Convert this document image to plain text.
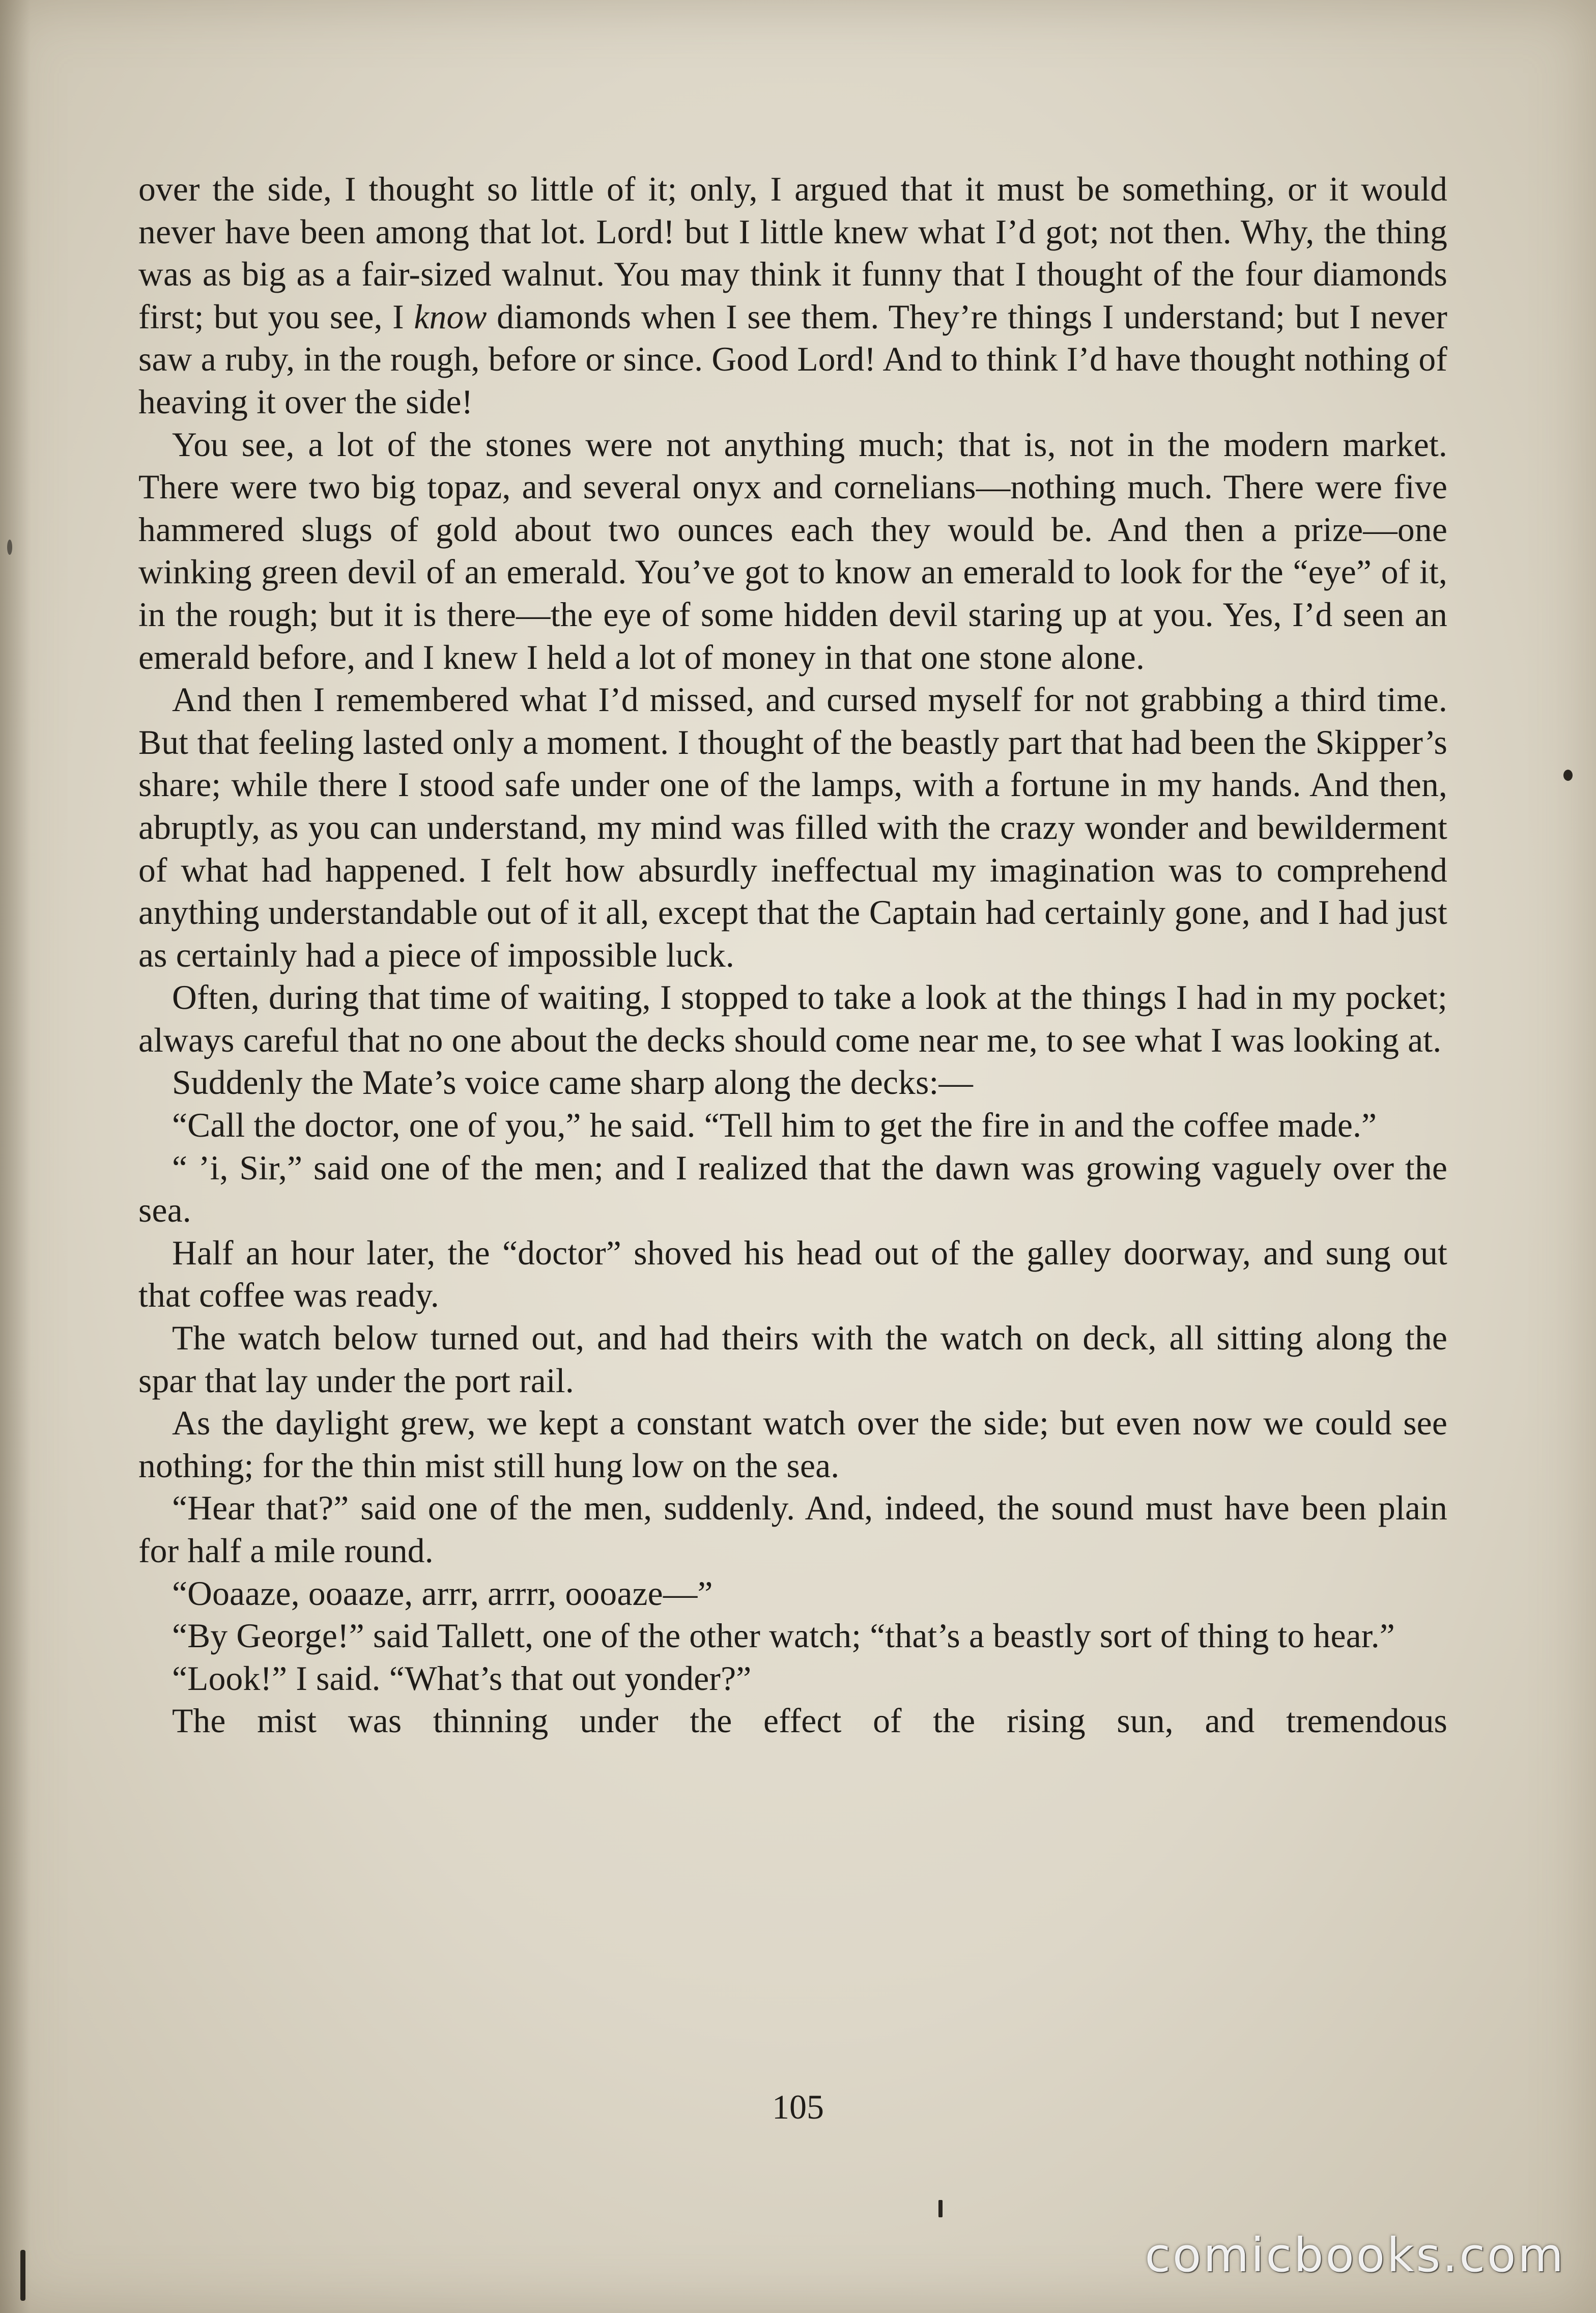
over the side, I thought so little of it; only, I argued that it must be something, or it would never have been among that lot. Lord! but I little knew what I’d got; not then. Why, the thing was as big as a fair-sized walnut. You may think it funny that I thought of the four diamonds first; but you see, I know diamonds when I see them. They’re things I understand; but I never saw a ruby, in the rough, before or since. Good Lord! And to think I’d have thought nothing of heaving it over the side!

You see, a lot of the stones were not anything much; that is, not in the modern market. There were two big topaz, and several onyx and cornelians—nothing much. There were five hammered slugs of gold about two ounces each they would be. And then a prize—one winking green devil of an emerald. You’ve got to know an emerald to look for the “eye” of it, in the rough; but it is there—the eye of some hidden devil staring up at you. Yes, I’d seen an emerald before, and I knew I held a lot of money in that one stone alone.

And then I remembered what I’d missed, and cursed myself for not grabbing a third time. But that feeling lasted only a moment. I thought of the beastly part that had been the Skipper’s share; while there I stood safe under one of the lamps, with a fortune in my hands. And then, abruptly, as you can understand, my mind was filled with the crazy wonder and bewilderment of what had happened. I felt how absurdly ineffectual my imagination was to comprehend anything understandable out of it all, except that the Captain had certainly gone, and I had just as certainly had a piece of impossible luck.

Often, during that time of waiting, I stopped to take a look at the things I had in my pocket; always careful that no one about the decks should come near me, to see what I was looking at.

Suddenly the Mate’s voice came sharp along the decks:—

“Call the doctor, one of you,” he said. “Tell him to get the fire in and the coffee made.”

“ ’i, Sir,” said one of the men; and I realized that the dawn was growing vaguely over the sea.

Half an hour later, the “doctor” shoved his head out of the galley doorway, and sung out that coffee was ready.

The watch below turned out, and had theirs with the watch on deck, all sitting along the spar that lay under the port rail.

As the daylight grew, we kept a constant watch over the side; but even now we could see nothing; for the thin mist still hung low on the sea.

“Hear that?” said one of the men, suddenly. And, indeed, the sound must have been plain for half a mile round.

“Ooaaze, ooaaze, arrr, arrrr, oooaze—”

“By George!” said Tallett, one of the other watch; “that’s a beastly sort of thing to hear.”

“Look!” I said. “What’s that out yonder?”

The mist was thinning under the effect of the rising sun, and tremendous

105
comicbooks.com
